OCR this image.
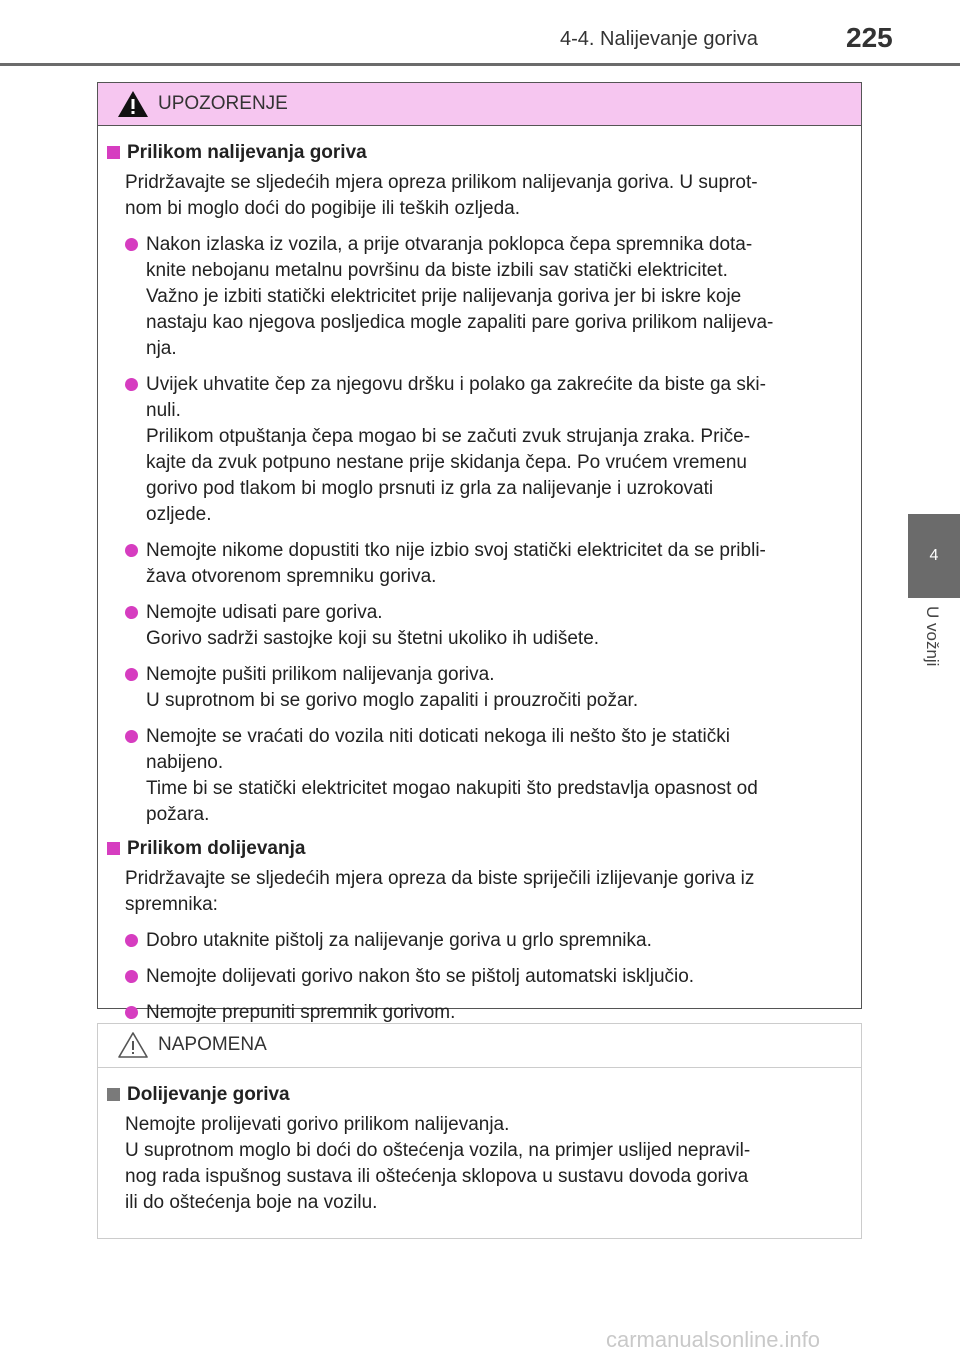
4-4. Nalijevanje goriva	225
4
U vožnji
UPOZORENJE
Prilikom nalijevanja goriva
Pridržavajte se sljedećih mjera opreza prilikom nalijevanja goriva. U suprot-
nom bi moglo doći do pogibije ili teških ozljeda.
Nakon izlaska iz vozila, a prije otvaranja poklopca čepa spremnika dota-
knite nebojanu metalnu površinu da biste izbili sav statički elektricitet.
Važno je izbiti statički elektricitet prije nalijevanja goriva jer bi iskre koje
nastaju kao njegova posljedica mogle zapaliti pare goriva prilikom nalijeva-
nja.
Uvijek uhvatite čep za njegovu dršku i polako ga zakrećite da biste ga ski-
nuli.
Prilikom otpuštanja čepa mogao bi se začuti zvuk strujanja zraka. Priče-
kajte da zvuk potpuno nestane prije skidanja čepa. Po vrućem vremenu
gorivo pod tlakom bi moglo prsnuti iz grla za nalijevanje i uzrokovati
ozljede.
Nemojte nikome dopustiti tko nije izbio svoj statički elektricitet da se pribli-
žava otvorenom spremniku goriva.
Nemojte udisati pare goriva.
Gorivo sadrži sastojke koji su štetni ukoliko ih udišete.
Nemojte pušiti prilikom nalijevanja goriva.
U suprotnom bi se gorivo moglo zapaliti i prouzročiti požar.
Nemojte se vraćati do vozila niti doticati nekoga ili nešto što je statički
nabijeno.
Time bi se statički elektricitet mogao nakupiti što predstavlja opasnost od
požara.
Prilikom dolijevanja
Pridržavajte se sljedećih mjera opreza da biste spriječili izlijevanje goriva iz
spremnika:
Dobro utaknite pištolj za nalijevanje goriva u grlo spremnika.
Nemojte dolijevati gorivo nakon što se pištolj automatski isključio.
Nemojte prepuniti spremnik gorivom.
NAPOMENA
Dolijevanje goriva
Nemojte prolijevati gorivo prilikom nalijevanja.
U suprotnom moglo bi doći do oštećenja vozila, na primjer uslijed nepravil-
nog rada ispušnog sustava ili oštećenja sklopova u sustavu dovoda goriva
ili do oštećenja boje na vozilu.
carmanualsonline.info
